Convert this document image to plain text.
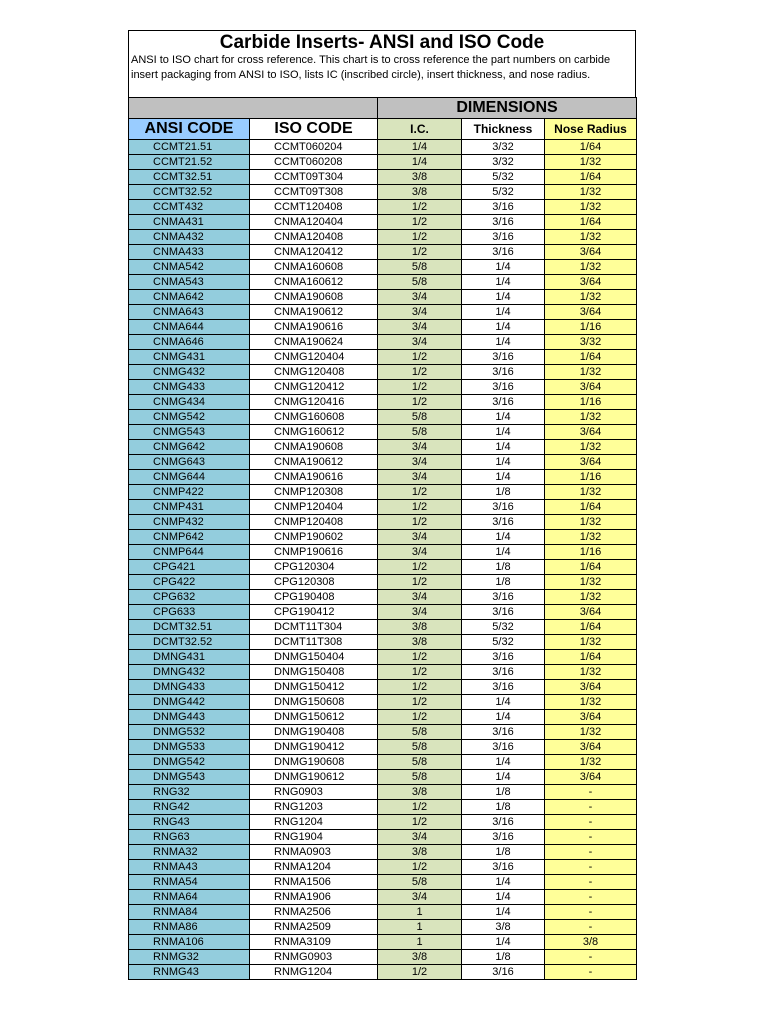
Carbide Inserts- ANSI and ISO Code
ANSI to ISO chart for cross reference. This chart is to cross reference the part numbers on carbide insert packaging from ANSI to ISO, lists IC (inscribed circle), insert thickness, and nose radius.
		DIMENSIONS		
ANSI CODE	ISO CODE	I.C.	Thickness	Nose Radius
CCMT21.51	CCMT060204	1/4	3/32	1/64
CCMT21.52	CCMT060208	1/4	3/32	1/32
CCMT32.51	CCMT09T304	3/8	5/32	1/64
CCMT32.52	CCMT09T308	3/8	5/32	1/32
CCMT432	CCMT120408	1/2	3/16	1/32
CNMA431	CNMA120404	1/2	3/16	1/64
CNMA432	CNMA120408	1/2	3/16	1/32
CNMA433	CNMA120412	1/2	3/16	3/64
CNMA542	CNMA160608	5/8	1/4	1/32
CNMA543	CNMA160612	5/8	1/4	3/64
CNMA642	CNMA190608	3/4	1/4	1/32
CNMA643	CNMA190612	3/4	1/4	3/64
CNMA644	CNMA190616	3/4	1/4	1/16
CNMA646	CNMA190624	3/4	1/4	3/32
CNMG431	CNMG120404	1/2	3/16	1/64
CNMG432	CNMG120408	1/2	3/16	1/32
CNMG433	CNMG120412	1/2	3/16	3/64
CNMG434	CNMG120416	1/2	3/16	1/16
CNMG542	CNMG160608	5/8	1/4	1/32
CNMG543	CNMG160612	5/8	1/4	3/64
CNMG642	CNMA190608	3/4	1/4	1/32
CNMG643	CNMA190612	3/4	1/4	3/64
CNMG644	CNMA190616	3/4	1/4	1/16
CNMP422	CNMP120308	1/2	1/8	1/32
CNMP431	CNMP120404	1/2	3/16	1/64
CNMP432	CNMP120408	1/2	3/16	1/32
CNMP642	CNMP190602	3/4	1/4	1/32
CNMP644	CNMP190616	3/4	1/4	1/16
CPG421	CPG120304	1/2	1/8	1/64
CPG422	CPG120308	1/2	1/8	1/32
CPG632	CPG190408	3/4	3/16	1/32
CPG633	CPG190412	3/4	3/16	3/64
DCMT32.51	DCMT11T304	3/8	5/32	1/64
DCMT32.52	DCMT11T308	3/8	5/32	1/32
DMNG431	DNMG150404	1/2	3/16	1/64
DMNG432	DNMG150408	1/2	3/16	1/32
DMNG433	DNMG150412	1/2	3/16	3/64
DNMG442	DNMG150608	1/2	1/4	1/32
DNMG443	DNMG150612	1/2	1/4	3/64
DNMG532	DNMG190408	5/8	3/16	1/32
DNMG533	DNMG190412	5/8	3/16	3/64
DNMG542	DNMG190608	5/8	1/4	1/32
DNMG543	DNMG190612	5/8	1/4	3/64
RNG32	RNG0903	3/8	1/8	-
RNG42	RNG1203	1/2	1/8	-
RNG43	RNG1204	1/2	3/16	-
RNG63	RNG1904	3/4	3/16	-
RNMA32	RNMA0903	3/8	1/8	-
RNMA43	RNMA1204	1/2	3/16	-
RNMA54	RNMA1506	5/8	1/4	-
RNMA64	RNMA1906	3/4	1/4	-
RNMA84	RNMA2506	1	1/4	-
RNMA86	RNMA2509	1	3/8	-
RNMA106	RNMA3109	1	1/4	3/8
RNMG32	RNMG0903	3/8	1/8	-
RNMG43	RNMG1204	1/2	3/16	-
